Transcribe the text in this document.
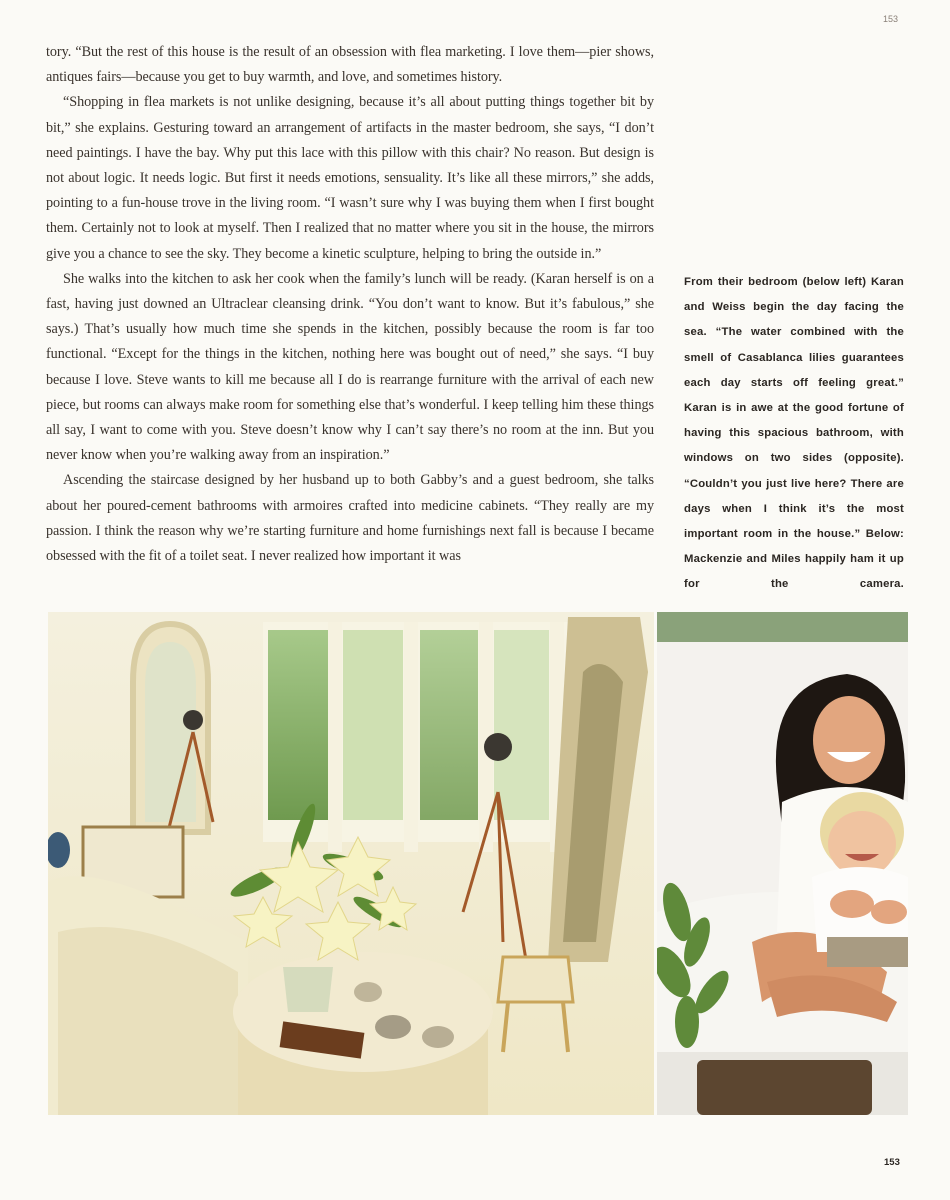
153

tory. “But the rest of this house is the result of an obsession with flea marketing. I love them—pier shows, antiques fairs—because you get to buy warmth, and love, and sometimes history.

“Shopping in flea markets is not unlike designing, because it’s all about putting things together bit by bit,” she explains. Gesturing toward an arrangement of artifacts in the master bedroom, she says, “I don’t need paintings. I have the bay. Why put this lace with this pillow with this chair? No reason. But design is not about logic. It needs logic. But first it needs emotions, sensuality. It’s like all these mirrors,” she adds, pointing to a fun-house trove in the living room. “I wasn’t sure why I was buying them when I first bought them. Certainly not to look at myself. Then I realized that no matter where you sit in the house, the mirrors give you a chance to see the sky. They become a kinetic sculpture, helping to bring the outside in.”

She walks into the kitchen to ask her cook when the family’s lunch will be ready. (Karan herself is on a fast, having just downed an Ultraclear cleansing drink. “You don’t want to know. But it’s fabulous,” she says.) That’s usually how much time she spends in the kitchen, possibly because the room is far too functional. “Except for the things in the kitchen, nothing here was bought out of need,” she says. “I buy because I love. Steve wants to kill me because all I do is rearrange furniture with the arrival of each new piece, but rooms can always make room for something else that’s wonderful. I keep telling him these things all say, I want to come with you. Steve doesn’t know why I can’t say there’s no room at the inn. But you never know when you’re walking away from an inspiration.”

Ascending the staircase designed by her husband up to both Gabby’s and a guest bedroom, she talks about her poured-cement bathrooms with armoires crafted into medicine cabinets. “They really are my passion. I think the reason why we’re starting furniture and home furnishings next fall is because I became obsessed with the fit of a toilet seat. I never realized how important it was

From their bedroom (below left) Karan and Weiss begin the day facing the sea. “The water combined with the smell of Casablanca lilies guarantees each day starts off feeling great.” Karan is in awe at the good fortune of having this spacious bathroom, with windows on two sides (opposite). “Couldn’t you just live here? There are days when I think it’s the most important room in the house.” Below: Mackenzie and Miles happily ham it up for the camera.
153
